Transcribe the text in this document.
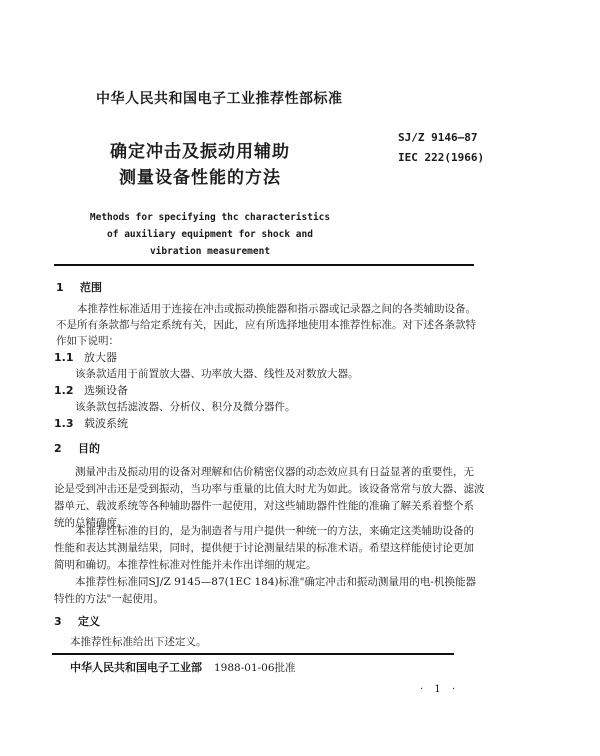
中华人民共和国电子工业推荐性部标准
确定冲击及振动用辅助
测量设备性能的方法
SJ/Z 9146—87
IEC 222(1966)
Methods for specifying thc characteristics
of auxiliary equipment for shock and
vibration measurement
1 范围
本推荐性标准适用于连接在冲击或振动换能器和指示器或记录器之间的各类辅助设备。
不是所有条款都与给定系统有关，因此，应有所选择地使用本推荐性标准。对下述各条款特
作如下说明：
1.1 放大器
该条款适用于前置放大器、功率放大器、线性及对数放大器。
1.2 选频设备
该条款包括滤波器、分析仪、积分及微分器件。
1.3 载波系统
2 目的
测量冲击及振动用的设备对理解和估价精密仪器的动态效应具有日益显著的重要性，无
论是受到冲击还是受到振动，当功率与重量的比值大时尤为如此。该设备常常与放大器、滤波
器单元、载波系统等各种辅助器件一起使用，对这些辅助器件性能的准确了解关系着整个系
统的总精确度。
本推荐性标准的目的，是为制造者与用户提供一种统一的方法，来确定这类辅助设备的
性能和表达其测量结果，同时，提供便于讨论测量结果的标准术语。希望这样能使讨论更加
简明和确切。本推荐性标准对性能并未作出详细的规定。
本推荐性标准同SJ/Z 9145—87(1EC 184)标准"确定冲击和振动测量用的电-机换能器
特性的方法"一起使用。
3 定义
本推荐性标准给出下述定义。
中华人民共和国电子工业部 1988-01-06批准
· 1 ·
